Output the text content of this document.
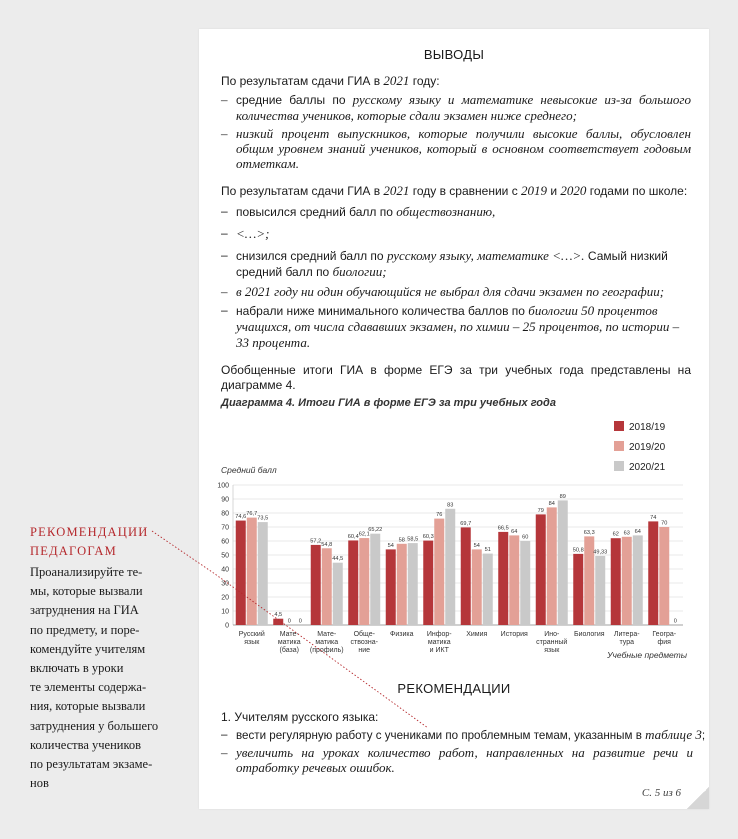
ВЫВОДЫ

По результатам сдачи ГИА в 2021 году:

– средние баллы по русскому языку и математике невысокие из-за большого количества учеников, которые сдали экзамен ниже среднего;
– низкий процент выпускников, которые получили высокие баллы, обусловлен общим уровнем знаний учеников, который в основном соответствует годовым отметкам.

По результатам сдачи ГИА в 2021 году в сравнении с 2019 и 2020 годами по школе:

– повысился средний балл по обществознанию,
– <…>;
– снизился средний балл по русскому языку, математике <…>. Самый низкий средний балл по биологии;
– в 2021 году ни один обучающийся не выбрал для сдачи экзамен по географии;
– набрали ниже минимального количества баллов по биологии 50 процентов учащихся, от числа сдававших экзамен, по химии – 25 процентов, по истории – 33 процента.

Обобщенные итоги ГИА в форме ЕГЭ за три учебных года представлены на диаграмме 4.

Диаграмма 4. Итоги ГИА в форме ЕГЭ за три учебных года
Средний балл
0
10
20
30
40
50
60
70
80
90
100
74,6 76,7
73,5
Русский
язык
4,5
0 0
Мате-
матика
(база)
57,2
54,8
44,5
Мате-
матика
(профиль)
60,4 62,1
65,22
Обще-
ствозна-
ние
54
58 58,5
Физика
60,3
76
83
Инфор-
матика
и ИКТ
69,7
54
51
Химия
66,5
64
60
История
79
84
89
Ино-
странный
язык
50,8
63,3
49,33
Биология
62 63 64
Литера-
тура
74
70
0
Геогра-
фия
Учебные предметы
2018/19
2019/20
2020/21
РЕКОМЕНДАЦИИ

1. Учителям русского языка:

– вести регулярную работу с учениками по проблемным темам, указанным в таблице 3;
– увеличить на уроках количество работ, направленных на развитие речи и отработку речевых ошибок.
С. 5 из 6
РЕКОМЕНДАЦИИ
ПЕДАГОГАМ
Проанализируйте те-
мы, которые вызвали
затруднения на ГИА
по предмету, и поре-
комендуйте учителям
включать в уроки
те элементы содержа-
ния, которые вызвали
затруднения у большего
количества учеников
по результатам экзаме-
нов
